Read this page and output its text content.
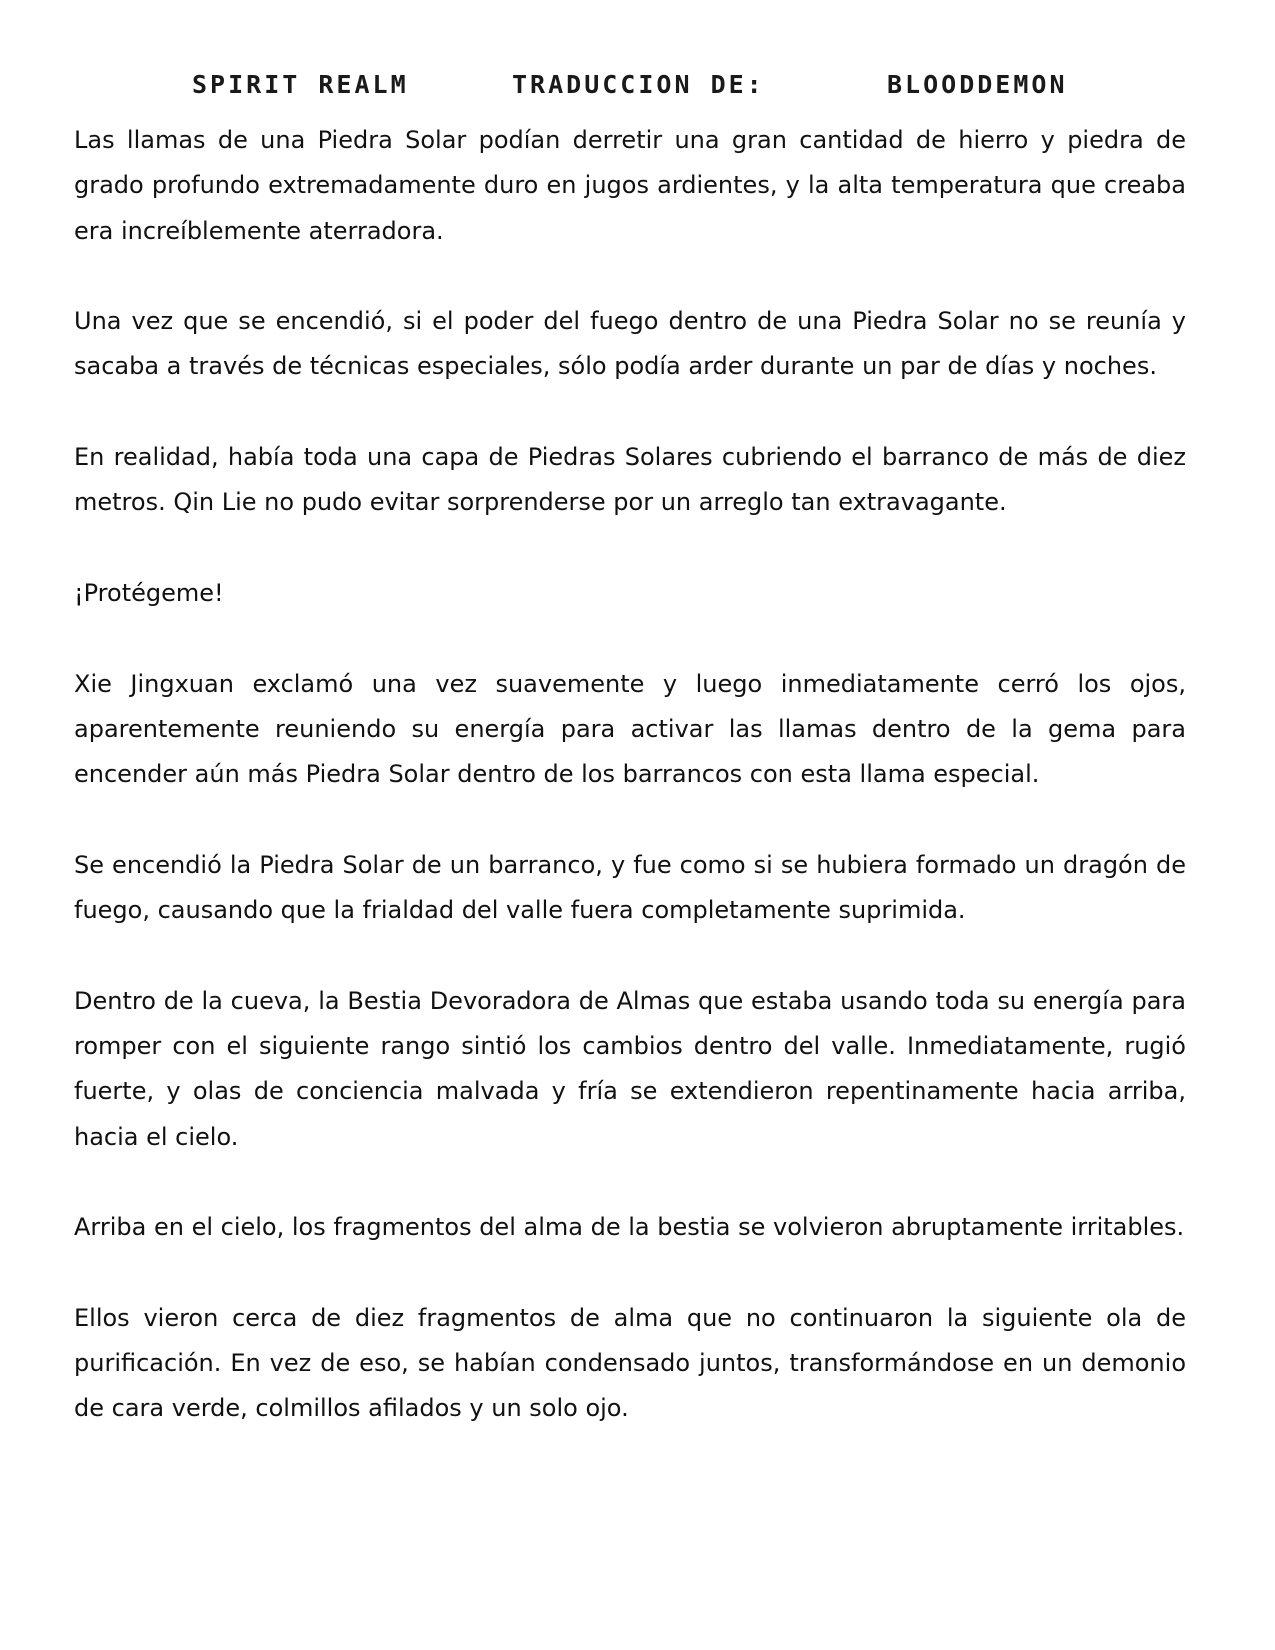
SPIRIT REALM	TRADUCCION DE:	BLOODDEMON

Las llamas de una Piedra Solar podían derretir una gran cantidad de hierro y piedra de grado profundo extremadamente duro en jugos ardientes, y la alta temperatura que creaba era increíblemente aterradora.

Una vez que se encendió, si el poder del fuego dentro de una Piedra Solar no se reunía y sacaba a través de técnicas especiales, sólo podía arder durante un par de días y noches.

En realidad, había toda una capa de Piedras Solares cubriendo el barranco de más de diez metros. Qin Lie no pudo evitar sorprenderse por un arreglo tan extravagante.

¡Protégeme!

Xie Jingxuan exclamó una vez suavemente y luego inmediatamente cerró los ojos, aparentemente reuniendo su energía para activar las llamas dentro de la gema para encender aún más Piedra Solar dentro de los barrancos con esta llama especial.

Se encendió la Piedra Solar de un barranco, y fue como si se hubiera formado un dragón de fuego, causando que la frialdad del valle fuera completamente suprimida.

Dentro de la cueva, la Bestia Devoradora de Almas que estaba usando toda su energía para romper con el siguiente rango sintió los cambios dentro del valle. Inmediatamente, rugió fuerte, y olas de conciencia malvada y fría se extendieron repentinamente hacia arriba, hacia el cielo.

Arriba en el cielo, los fragmentos del alma de la bestia se volvieron abruptamente irritables.

Ellos vieron cerca de diez fragmentos de alma que no continuaron la siguiente ola de purificación. En vez de eso, se habían condensado juntos, transformándose en un demonio de cara verde, colmillos afilados y un solo ojo.
